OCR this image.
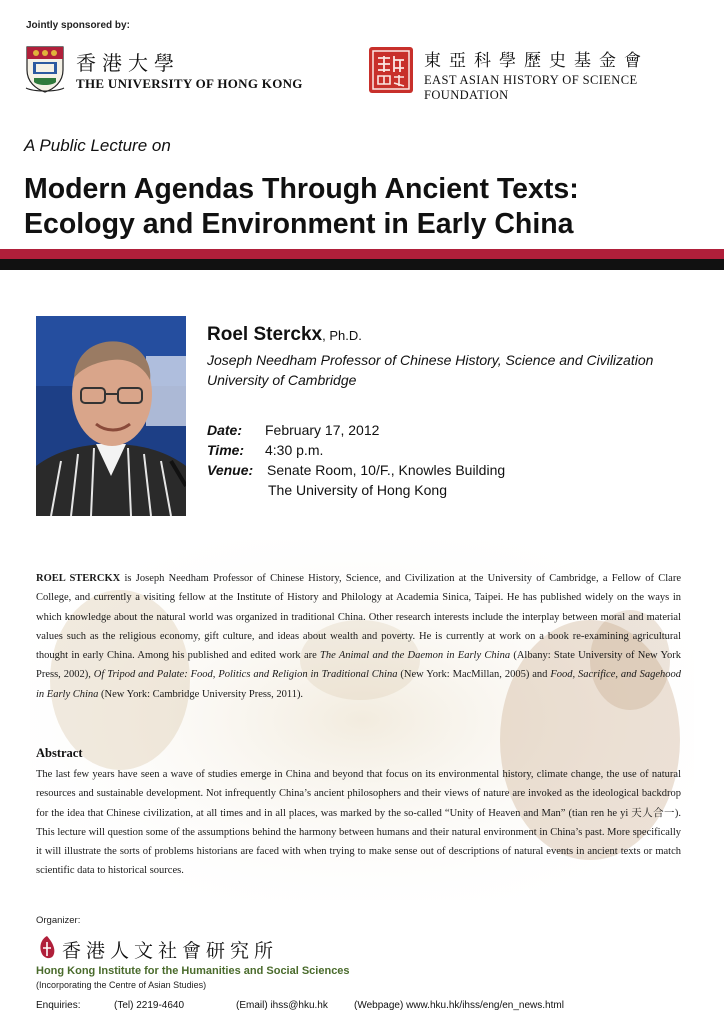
Jointly sponsored by:
香港大學
THE UNIVERSITY OF HONG KONG
東亞科學歷史基金會
EAST ASIAN HISTORY OF SCIENCE FOUNDATION
A Public Lecture on
Modern Agendas Through Ancient Texts:
Ecology and Environment in Early China
Roel Sterckx, Ph.D.
Joseph Needham Professor of Chinese History, Science and Civilization
University of Cambridge
Date: February 17, 2012
Time: 4:30 p.m.
Venue: Senate Room, 10/F., Knowles Building
The University of Hong Kong
ROEL STERCKX is Joseph Needham Professor of Chinese History, Science, and Civilization at the University of Cambridge, a Fellow of Clare College, and currently a visiting fellow at the Institute of History and Philology at Academia Sinica, Taipei. He has published widely on the ways in which knowledge about the natural world was organized in traditional China. Other research interests include the interplay between moral and material values such as the religious economy, gift culture, and ideas about wealth and poverty. He is currently at work on a book re-examining agricultural thought in early China. Among his published and edited work are The Animal and the Daemon in Early China (Albany: State University of New York Press, 2002), Of Tripod and Palate: Food, Politics and Religion in Traditional China (New York: MacMillan, 2005) and Food, Sacrifice, and Sagehood in Early China (New York: Cambridge University Press, 2011).
Abstract
The last few years have seen a wave of studies emerge in China and beyond that focus on its environmental history, climate change, the use of natural resources and sustainable development. Not infrequently China’s ancient philosophers and their views of nature are invoked as the ideological backdrop for the idea that Chinese civilization, at all times and in all places, was marked by the so-called “Unity of Heaven and Man” (tian ren he yi 天人合一). This lecture will question some of the assumptions behind the harmony between humans and their natural environment in China’s past. More specifically it will illustrate the sorts of problems historians are faced with when trying to make sense out of descriptions of natural events in ancient texts or match scientific data to historical sources.
Organizer:
香港人文社會研究所
Hong Kong Institute for the Humanities and Social Sciences
(Incorporating the Centre of Asian Studies)
Enquiries:	(Tel) 2219-4640	(Email) ihss@hku.hk	(Webpage) www.hku.hk/ihss/eng/en_news.html
